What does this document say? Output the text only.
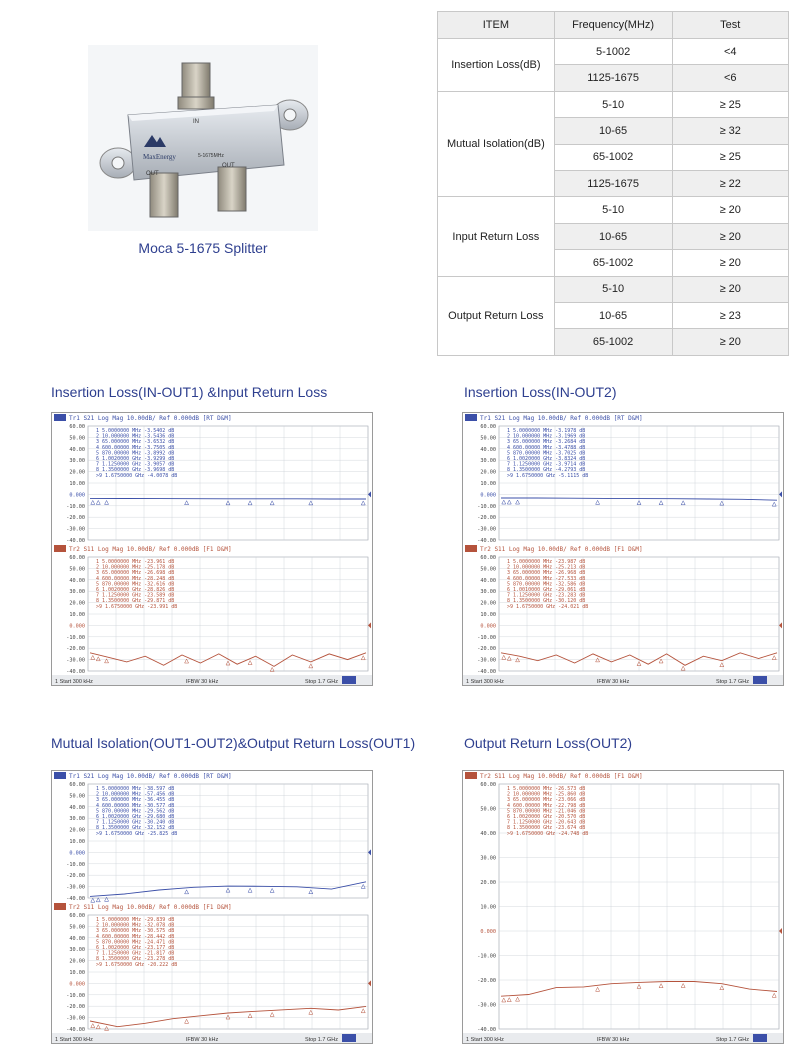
MaxEnergy	5-1675MHz
IN
OUT
OUT
Moca 5-1675 Splitter
ITEM	Frequency(MHz)	Test
Insertion Loss(dB)	5-1002	<4
	1125-1675	<6
Mutual Isolation(dB)	5-10	≥ 25
	10-65	≥ 32
	65-1002	≥ 25
	1125-1675	≥ 22
Input Return Loss	5-10	≥ 20
	10-65	≥ 20
	65-1002	≥ 20
Output Return Loss	5-10	≥ 20
	10-65	≥ 23
	65-1002	≥ 20
Insertion Loss(IN-OUT1) &Input Return Loss	Insertion Loss(IN-OUT2)
Mutual Isolation(OUT1-OUT2)&Output Return Loss(OUT1)	Output Return Loss(OUT2)
Tr1 S21 Log Mag 10.00dB/ Ref 0.000dB [RT D&M]
60.00
50.00
40.00
30.00
20.00
10.00
0.000
-10.00
-20.00
-30.00
-40.00
1 5.0000000 MHz -3.5402 dB
2 10.000000 MHz -3.5436 dB
3 65.000000 MHz -3.6532 dB
4 600.00000 MHz -3.7505 dB
5 870.00000 MHz -3.8992 dB
6 1.0020000 GHz -3.9299 dB
7 1.1250000 GHz -3.9057 dB
8 1.3500000 GHz -3.9698 dB
>9 1.6750000 GHz -4.0078 dB
Tr2 S11 Log Mag 10.00dB/ Ref 0.000dB [F1 D&M]
60.00
50.00
40.00
30.00
20.00
10.00
0.000
-10.00
-20.00
-30.00
-40.00
1 5.0000000 MHz -23.961 dB
2 10.000000 MHz -25.178 dB
3 65.000000 MHz -26.698 dB
4 600.00000 MHz -28.248 dB
5 870.00000 MHz -32.616 dB
6 1.0020000 GHz -28.826 dB
7 1.1250000 GHz -23.589 dB
8 1.3500000 GHz -29.871 dB
>9 1.6750000 GHz -23.991 dB
1 Start 300 kHz	IFBW 30 kHz	Stop 1.7 GHz
Tr1 S21 Log Mag 10.00dB/ Ref 0.000dB [RT D&M]
60.00
50.00
40.00
30.00
20.00
10.00
0.000
-10.00
-20.00
-30.00
-40.00
1 5.0000000 MHz -3.1978 dB
2 10.000000 MHz -3.1969 dB
3 65.000000 MHz -3.2684 dB
4 600.00000 MHz -3.4788 dB
5 870.00000 MHz -3.7025 dB
6 1.0020000 GHz -3.8324 dB
7 1.1250000 GHz -3.9714 dB
8 1.3500000 GHz -4.2793 dB
>9 1.6750000 GHz -5.1115 dB
Tr2 S11 Log Mag 10.00dB/ Ref 0.000dB [F1 D&M]
60.00
50.00
40.00
30.00
20.00
10.00
0.000
-10.00
-20.00
-30.00
-40.00
1 5.0000000 MHz -23.987 dB
2 10.000000 MHz -25.213 dB
3 65.000000 MHz -26.968 dB
4 600.00000 MHz -27.533 dB
5 870.00000 MHz -32.586 dB
6 1.0010000 GHz -29.061 dB
7 1.1250000 GHz -23.283 dB
8 1.3500000 GHz -30.120 dB
>9 1.6750000 GHz -24.021 dB
1 Start 300 kHz	IFBW 30 kHz	Stop 1.7 GHz
Tr1 S21 Log Mag 10.00dB/ Ref 0.000dB [RT D&M]
60.00
50.00
40.00
30.00
20.00
10.00
0.000
-10.00
-20.00
-30.00
-40.00
1 5.0000000 MHz -38.597 dB
2 10.000000 MHz -57.456 dB
3 65.000000 MHz -36.455 dB
4 600.00000 MHz -30.577 dB
5 870.00000 MHz -29.562 dB
6 1.0020000 GHz -29.680 dB
7 1.1250000 GHz -30.240 dB
8 1.3500000 GHz -32.152 dB
>9 1.6750000 GHz -25.825 dB
Tr2 S11 Log Mag 10.00dB/ Ref 0.000dB [F1 D&M]
60.00
50.00
40.00
30.00
20.00
10.00
0.000
-10.00
-20.00
-30.00
-40.00
1 5.0000000 MHz -29.839 dB
2 10.000000 MHz -32.078 dB
3 65.000000 MHz -30.575 dB
4 600.00000 MHz -28.442 dB
5 870.00000 MHz -24.471 dB
6 1.0020000 GHz -23.177 dB
7 1.1250000 GHz -21.817 dB
8 1.3500000 GHz -23.278 dB
>9 1.6750000 GHz -20.222 dB
1 Start 300 kHz	IFBW 30 kHz	Stop 1.7 GHz
Tr2 S11 Log Mag 10.00dB/ Ref 0.000dB [F1 D&M]
60.00
50.00
40.00
30.00
20.00
10.00
0.000
-10.00
-20.00
-30.00
-40.00
1 5.0000000 MHz -26.573 dB
2 10.000000 MHz -25.860 dB
3 65.000000 MHz -23.066 dB
4 600.00000 MHz -22.798 dB
5 870.00000 MHz -21.046 dB
6 1.0020000 GHz -20.570 dB
7 1.1250000 GHz -20.643 dB
8 1.3500000 GHz -23.674 dB
>9 1.6750000 GHz -24.748 dB
1 Start 300 kHz	IFBW 30 kHz	Stop 1.7 GHz
